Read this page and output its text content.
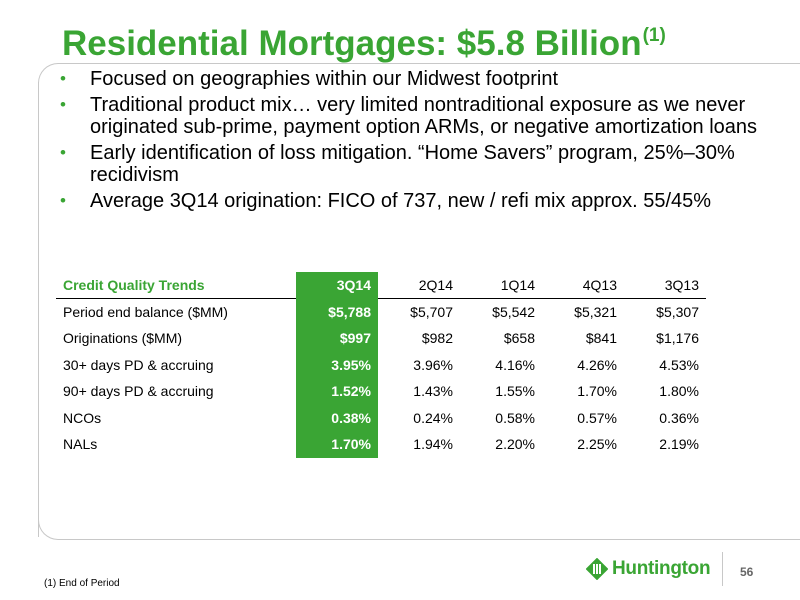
Residential Mortgages: $5.8 Billion$^{(1)}$
• Focused on geographies within our Midwest footprint
• Traditional product mix… very limited nontraditional exposure as we never originated sub-prime, payment option ARMs, or negative amortization loans
• Early identification of loss mitigation. “Home Savers” program, 25%–30% recidivism
• Average 3Q14 origination: FICO of 737, new / refi mix approx. 55/45%
Credit Quality Trends	3Q14	2Q14	1Q14	4Q13	3Q13
Period end balance ($MM)	$5,788	$5,707	$5,542	$5,321	$5,307
Originations ($MM)	$997	$982	$658	$841	$1,176
30+ days PD & accruing	3.95%	3.96%	4.16%	4.26%	4.53%
90+ days PD & accruing	1.52%	1.43%	1.55%	1.70%	1.80%
NCOs	0.38%	0.24%	0.58%	0.57%	0.36%
NALs	1.70%	1.94%	2.20%	2.25%	2.19%
(1) End of Period
Huntington 56
